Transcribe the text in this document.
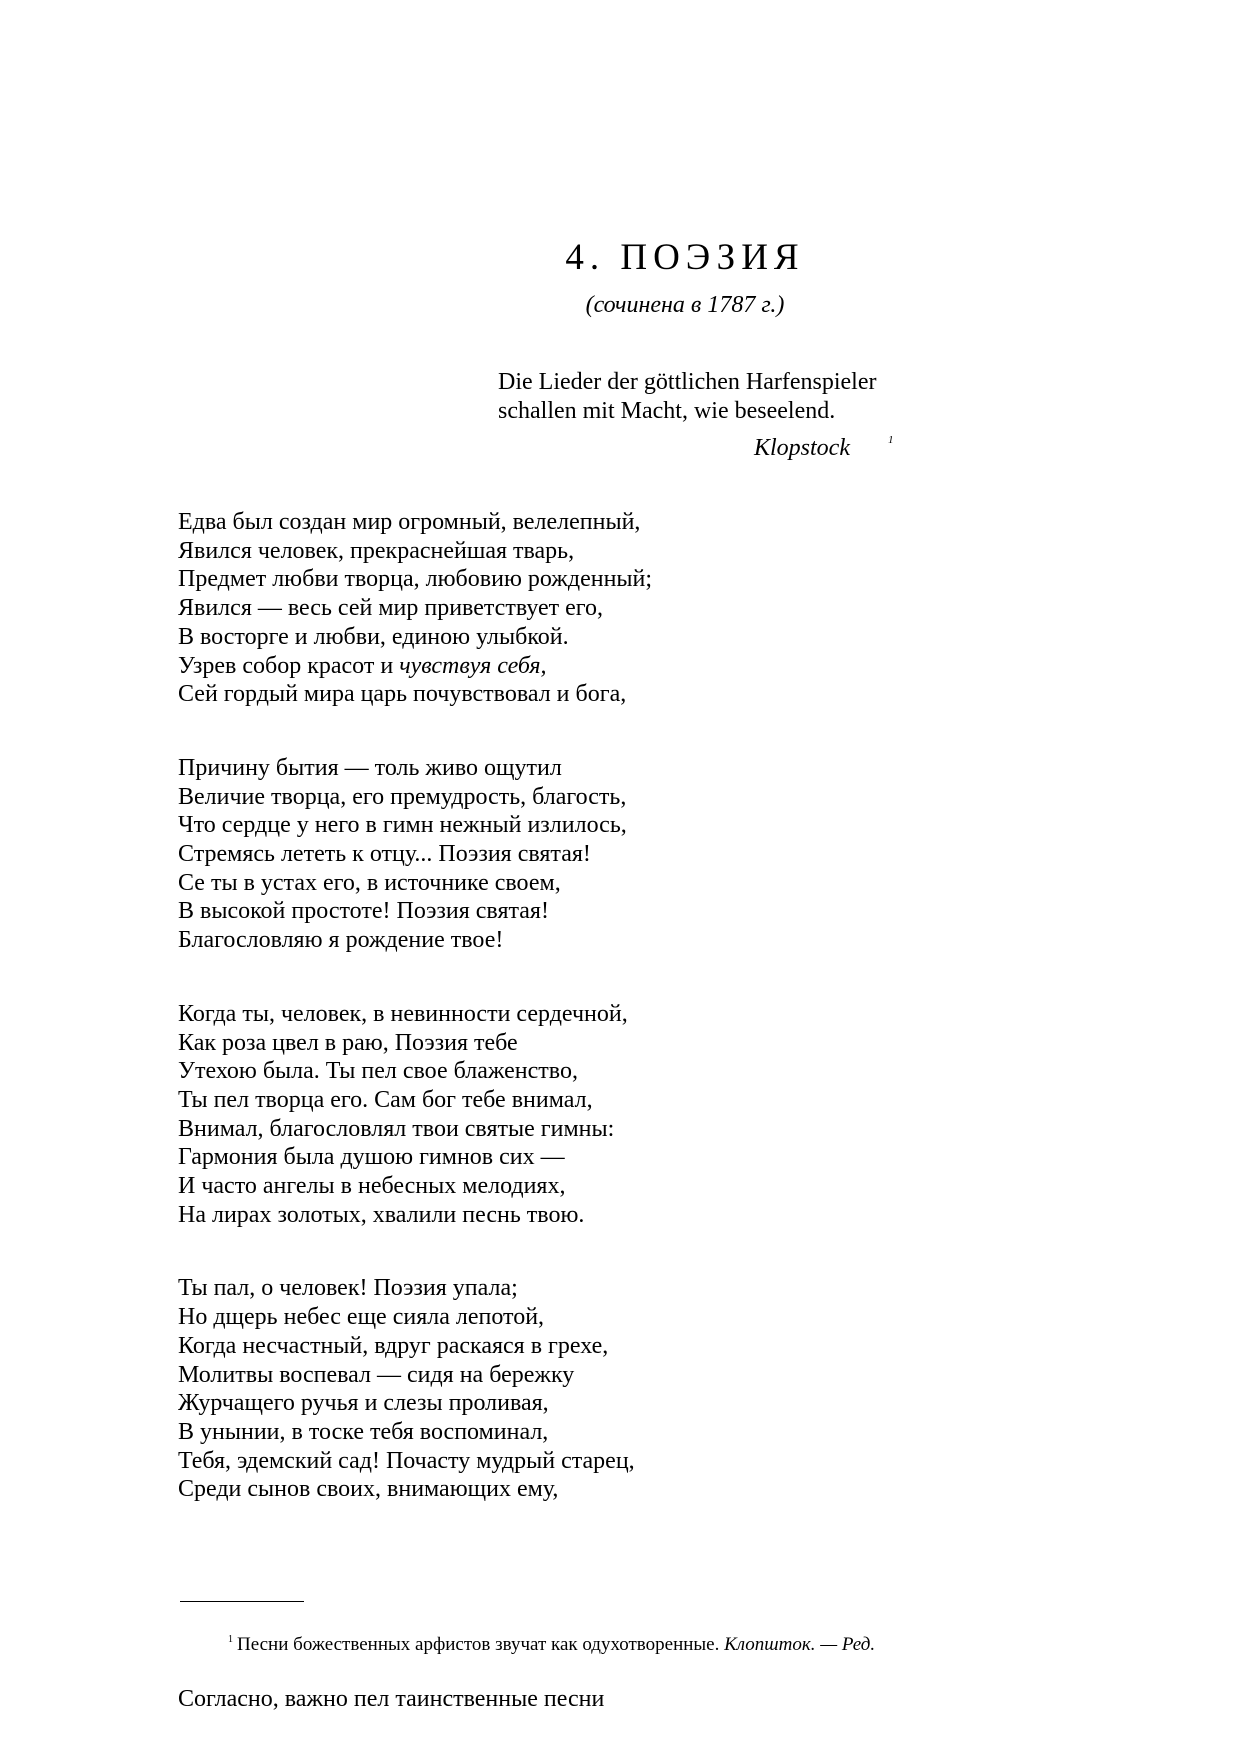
4. ПОЭЗИЯ
(сочинена в 1787 г.)
Die Lieder der göttlichen Harfenspieler
schallen mit Macht, wie beseelend.
Klopstock	$^1$
Едва был создан мир огромный, велелепный,
Явился человек, прекраснейшая тварь,
Предмет любви творца, любовию рожденный;
Явился — весь сей мир приветствует его,
В восторге и любви, единою улыбкой.
Узрев собор красот и чувствуя себя,
Сей гордый мира царь почувствовал и бога,
Причину бытия — толь живо ощутил
Величие творца, его премудрость, благость,
Что сердце у него в гимн нежный излилось,
Стремясь лететь к отцу... Поэзия святая!
Се ты в устах его, в источнике своем,
В высокой простоте! Поэзия святая!
Благословляю я рождение твое!
Когда ты, человек, в невинности сердечной,
Как роза цвел в раю, Поэзия тебе
Утехою была. Ты пел свое блаженство,
Ты пел творца его. Сам бог тебе внимал,
Внимал, благословлял твои святые гимны:
Гармония была душою гимнов сих —
И часто ангелы в небесных мелодиях,
На лирах золотых, хвалили песнь твою.
Ты пал, о человек! Поэзия упала;
Но дщерь небес еще сияла лепотой,
Когда несчастный, вдруг раскаяся в грехе,
Молитвы воспевал — сидя на бережку
Журчащего ручья и слезы проливая,
В унынии, в тоске тебя воспоминал,
Тебя, эдемский сад! Почасту мудрый старец,
Среди сынов своих, внимающих ему,
$^1$ Песни божественных арфистов звучат как одухотворенные. Клопшток. — Ред.
Согласно, важно пел таинственные песни
